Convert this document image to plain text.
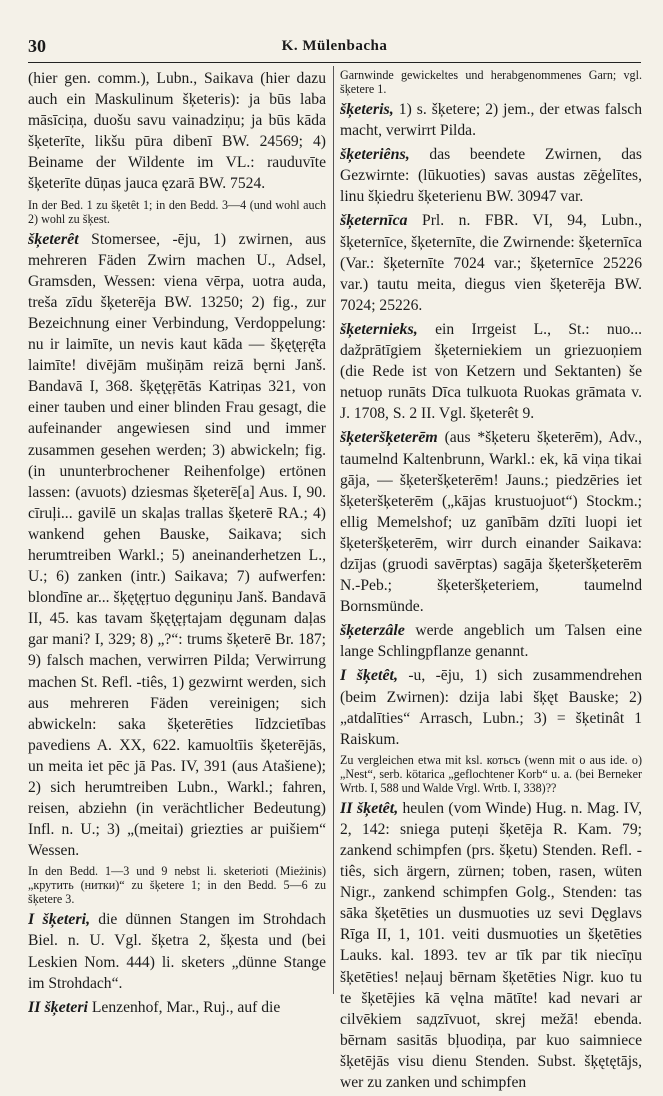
30	K. Mülenbacha

(hier gen. comm.), Lubn., Saikava (hier dazu auch ein Maskulinum šķeteris): ja būs laba māsīciņa, duošu savu vainadziņu; ja būs kāda šķeterīte, likšu pūra dibenī BW. 24569; 4) Beiname der Wildente im VL.: rauduvīte šķeterīte dūņas jauca ęzarā BW. 7524.

In der Bed. 1 zu šķetêt 1; in den Bedd. 3—4 (und wohl auch 2) wohl zu šķest.

šķeterêt Stomersee, -ēju, 1) zwirnen, aus mehreren Fäden Zwirn machen U., Adsel, Gramsden, Wessen: viena vērpa, uotra auda, treša zīdu šķeterēja BW. 13250; 2) fig., zur Bezeichnung einer Verbindung, Verdoppelung: nu ir laimīte, un nevis kaut kāda — šķęt̨ęŗę̄ta laimīte! divējām mušiņām reizā bęrni Janš. Bandavā I, 368. šķęt̨ęŗētās Katriņas 321, von einer tauben und einer blinden Frau gesagt, die aufeinander angewiesen sind und immer zusammen gesehen werden; 3) abwickeln; fig. (in ununterbrochener Reihenfolge) ertönen lassen: (avuots) dziesmas šķeterē[a] Aus. I, 90. cīruļi... gavilē un skaļas trallas šķeterē RA.; 4) wankend gehen Bauske, Saikava; sich herumtreiben Warkl.; 5) aneinanderhetzen L., U.; 6) zanken (intr.) Saikava; 7) aufwerfen: blondīne ar... šķęt̨ęŗtuo dęguniņu Janš. Bandavā II, 45. kas tavam šķęt̨ęŗtajam dęgunam daļas gar mani? I, 329; 8) „?“: trums šķeterē Br. 187; 9) falsch machen, verwirren Pilda; Verwirrung machen St. Refl. -tiês, 1) gezwirnt werden, sich aus mehreren Fäden vereinigen; sich abwickeln: saka šķeterēties līdzcietības pavediens A. XX, 622. kamuoltīis šķeterējās, un meita iet pēc jā Pas. IV, 391 (aus Atašiene); 2) sich herumtreiben Lubn., Warkl.; fahren, reisen, abziehn (in verächtlicher Bedeutung) Infl. n. U.; 3) „(meitai) griezties ar puišiem“ Wessen.

In den Bedd. 1—3 und 9 nebst li. sketerioti (Mieżinis) „крутить (нитки)“ zu šķetere 1; in den Bedd. 5—6 zu šķetere 3.

I šķeteri, die dünnen Stangen im Strohdach Biel. n. U. Vgl. šķetra 2, šķesta und (bei Leskien Nom. 444) li. sketers „dünne Stange im Strohdach“.

II šķeteri Lenzenhof, Mar., Ruj., auf die

Garnwinde gewickeltes und herabgenommenes Garn; vgl. šķetere 1.

šķeteris, 1) s. šķetere; 2) jem., der etwas falsch macht, verwirrt Pilda.

šķeteriêns, das beendete Zwirnen, das Gezwirnte: (lūkuoties) savas austas zēģelītes, linu šķiedru šķeterienu BW. 30947 var.

šķeternīca Prl. n. FBR. VI, 94, Lubn., šķeternīce, šķeternīte, die Zwirnende: šķeternīca (Var.: šķeternīte 7024 var.; šķeternīce 25226 var.) tautu meita, diegus vien šķeterēja BW. 7024; 25226.

šķeternieks, ein Irrgeist L., St.: nuo... dažprātīgiem šķeterniekiem un griezuoņiem (die Rede ist von Ketzern und Sektanten) še netuop runāts Dīca tulkuota Ruokas grāmata v. J. 1708, S. 2 II. Vgl. šķeterêt 9.

šķeteršķeterēm (aus *šķeteru šķeterēm), Adv., taumelnd Kaltenbrunn, Warkl.: ek, kā viņa tikai gāja, — šķeteršķeterēm! Jauns.; piedzēries iet šķeteršķeterēm („kājas krustuojuot“) Stockm.; ellig Memelshof; uz ganībām dzīti luopi iet šķeteršķeterēm, wirr durch einander Saikava: dzījas (gruodi savērptas) sagāja šķeteršķeterēm N.-Peb.; šķeteršķeteriem, taumelnd Bornsmünde.

šķeterzâle werde angeblich um Talsen eine lange Schlingpflanze genannt.

I šķetêt, -u, -ēju, 1) sich zusammendrehen (beim Zwirnen): dzija labi šķęt Bauske; 2) „atdalīties“ Arrasch, Lubn.; 3) = šķetinât 1 Raiskum.

Zu vergleichen etwa mit ksl. котьсъ (wenn mit o aus ide. o) „Nest“, serb. kötarica „geflochtener Korb“ u. a. (bei Berneker Wrtb. I, 588 und Walde Vrgl. Wrtb. I, 338)??

II šķetêt, heulen (vom Winde) Hug. n. Mag. IV, 2, 142: sniega puteņi šķetēja R. Kam. 79; zankend schimpfen (prs. šķetu) Stenden. Refl. -tiês, sich ärgern, zürnen; toben, rasen, wüten Nigr., zankend schimpfen Golg., Stenden: tas sāka šķetēties un dusmuoties uz sevi Dęglavs Rīga II, 1, 101. veiti dusmuoties un šķetēties Lauks. kal. 1893. tev ar tīk par tik niecīņu šķetēties! neļauj bērnam šķetēties Nigr. kuo tu te šķetējies kā vęlna mātīte! kad nevari ar cilvēkiem saдzīvuot, skrej mežā! ebenda. bērnam sasitās bļuodiņa, par kuo saimniece šķetējās visu dienu Stenden. Subst. šķętętājs, wer zu zanken und schimpfen
